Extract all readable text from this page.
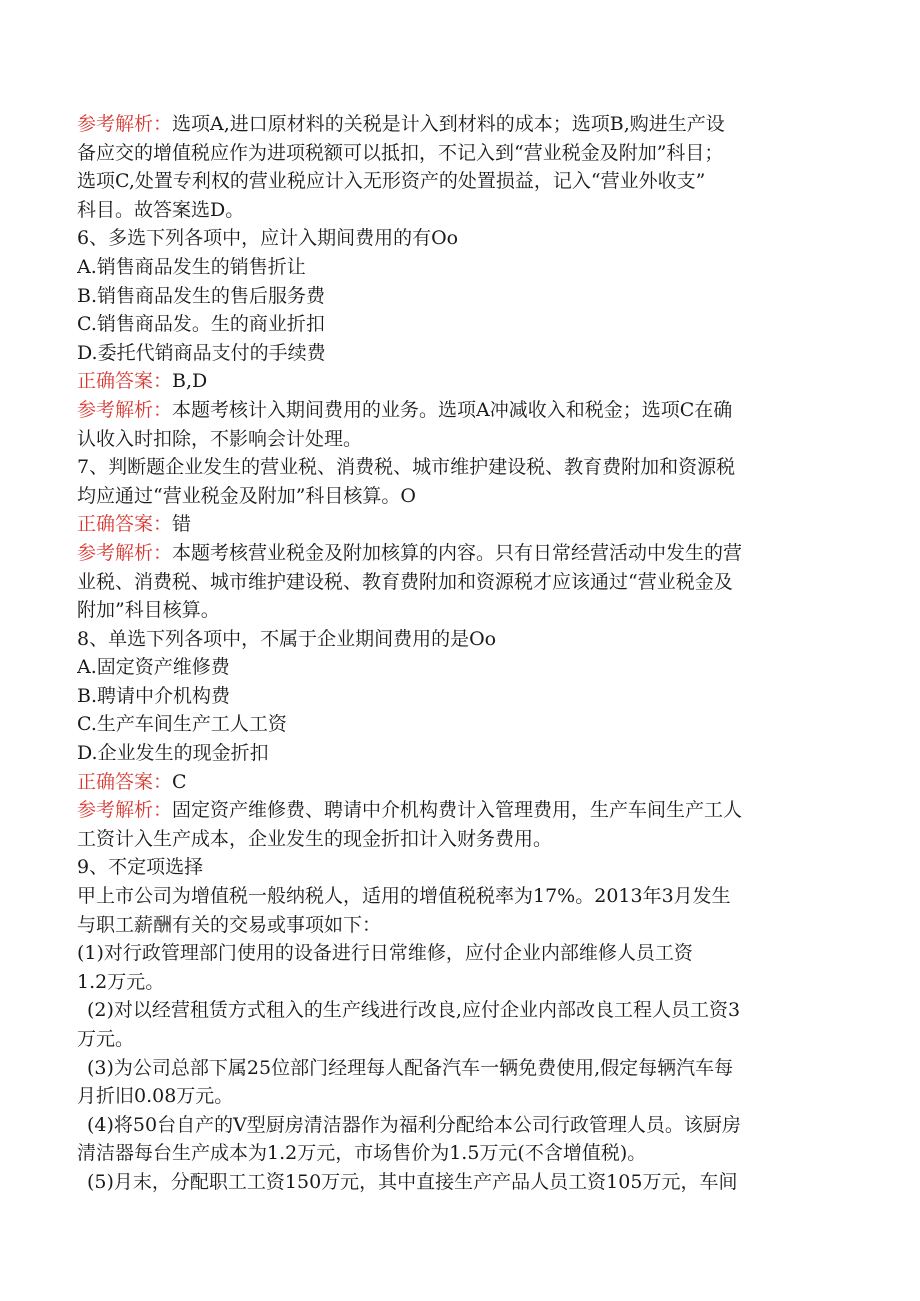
参考解析：选项A,进口原材料的关税是计入到材料的成本；选项B,购进生产设
备应交的增值税应作为进项税额可以抵扣，不记入到“营业税金及附加”科目；
选项C,处置专利权的营业税应计入无形资产的处置损益，记入“营业外收支”
科目。故答案选D。
6、多选下列各项中，应计入期间费用的有Oo
A.销售商品发生的销售折让
B.销售商品发生的售后服务费
C.销售商品发。生的商业折扣
D.委托代销商品支付的手续费
正确答案：B,D
参考解析：本题考核计入期间费用的业务。选项A冲减收入和税金；选项C在确
认收入时扣除，不影响会计处理。
7、判断题企业发生的营业税、消费税、城市维护建设税、教育费附加和资源税
均应通过“营业税金及附加”科目核算。O
正确答案：错
参考解析：本题考核营业税金及附加核算的内容。只有日常经营活动中发生的营
业税、消费税、城市维护建设税、教育费附加和资源税才应该通过“营业税金及
附加”科目核算。
8、单选下列各项中，不属于企业期间费用的是Oo
A.固定资产维修费
B.聘请中介机构费
C.生产车间生产工人工资
D.企业发生的现金折扣
正确答案：C
参考解析：固定资产维修费、聘请中介机构费计入管理费用，生产车间生产工人
工资计入生产成本，企业发生的现金折扣计入财务费用。
9、不定项选择
甲上市公司为增值税一般纳税人，适用的增值税税率为17%。2013年3月发生
与职工薪酬有关的交易或事项如下：
(1)对行政管理部门使用的设备进行日常维修，应付企业内部维修人员工资
1.2万元。
(2)对以经营租赁方式租入的生产线进行改良,应付企业内部改良工程人员工资3
万元。
(3)为公司总部下属25位部门经理每人配备汽车一辆免费使用,假定每辆汽车每
月折旧0.08万元。
(4)将50台自产的V型厨房清洁器作为福利分配给本公司行政管理人员。该厨房
清洁器每台生产成本为1.2万元，市场售价为1.5万元(不含增值税)。
(5)月末，分配职工工资150万元，其中直接生产产品人员工资105万元，车间
